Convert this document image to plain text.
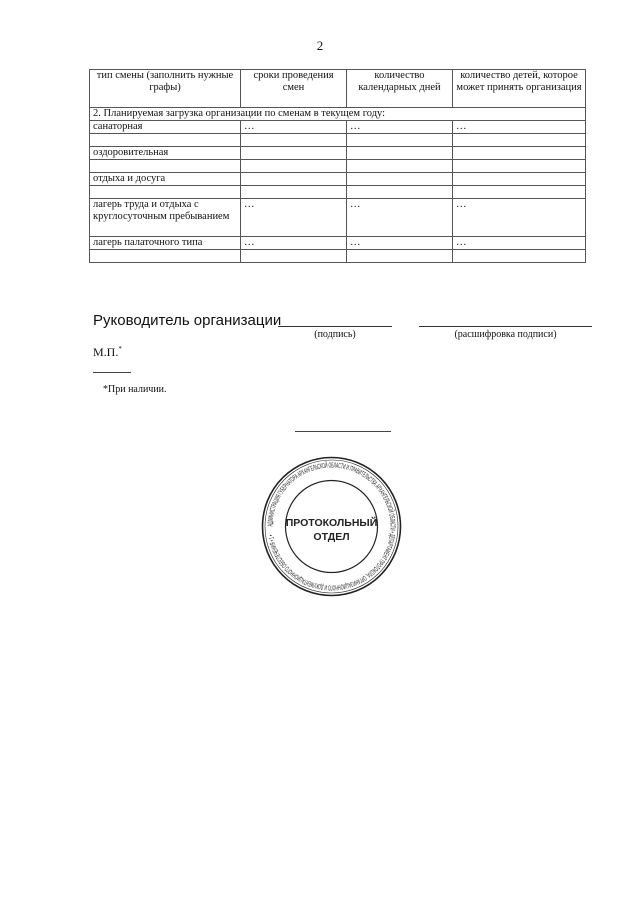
2
2. Планируемая загрузка организации по сменам в текущем году:			
тип смены (заполнить нужные графы)	сроки проведения смен	количество календарных дней	количество детей, которое может принять организация
санаторная	…	…	…

оздоровительная			

отдыха и досуга			

лагерь труда и отдыха с круглосуточным пребыванием	…	…	…
лагерь палаточного типа	…	…	…

Руководитель организации
(подпись)	(расшифровка подписи)
М.П.*
*При наличии.
АДМИНИСТРАЦИЯ ГУБЕРНАТОРА АРХАНГЕЛЬСКОЙ ОБЛАСТИ И ПРАВИТЕЛЬСТВА АРХАНГЕЛЬСКОЙ ОБЛАСТИ • ДЕПАРТАМЕНТ ПРОТОКОЛА, ОРГАНИЗАЦИОННОГО И ДОКУМЕНТАЦИОННОГО ОБЕСПЕЧЕНИЯ • 1 •
ПРОТОКОЛЬНЫЙ
ОТДЕЛ
